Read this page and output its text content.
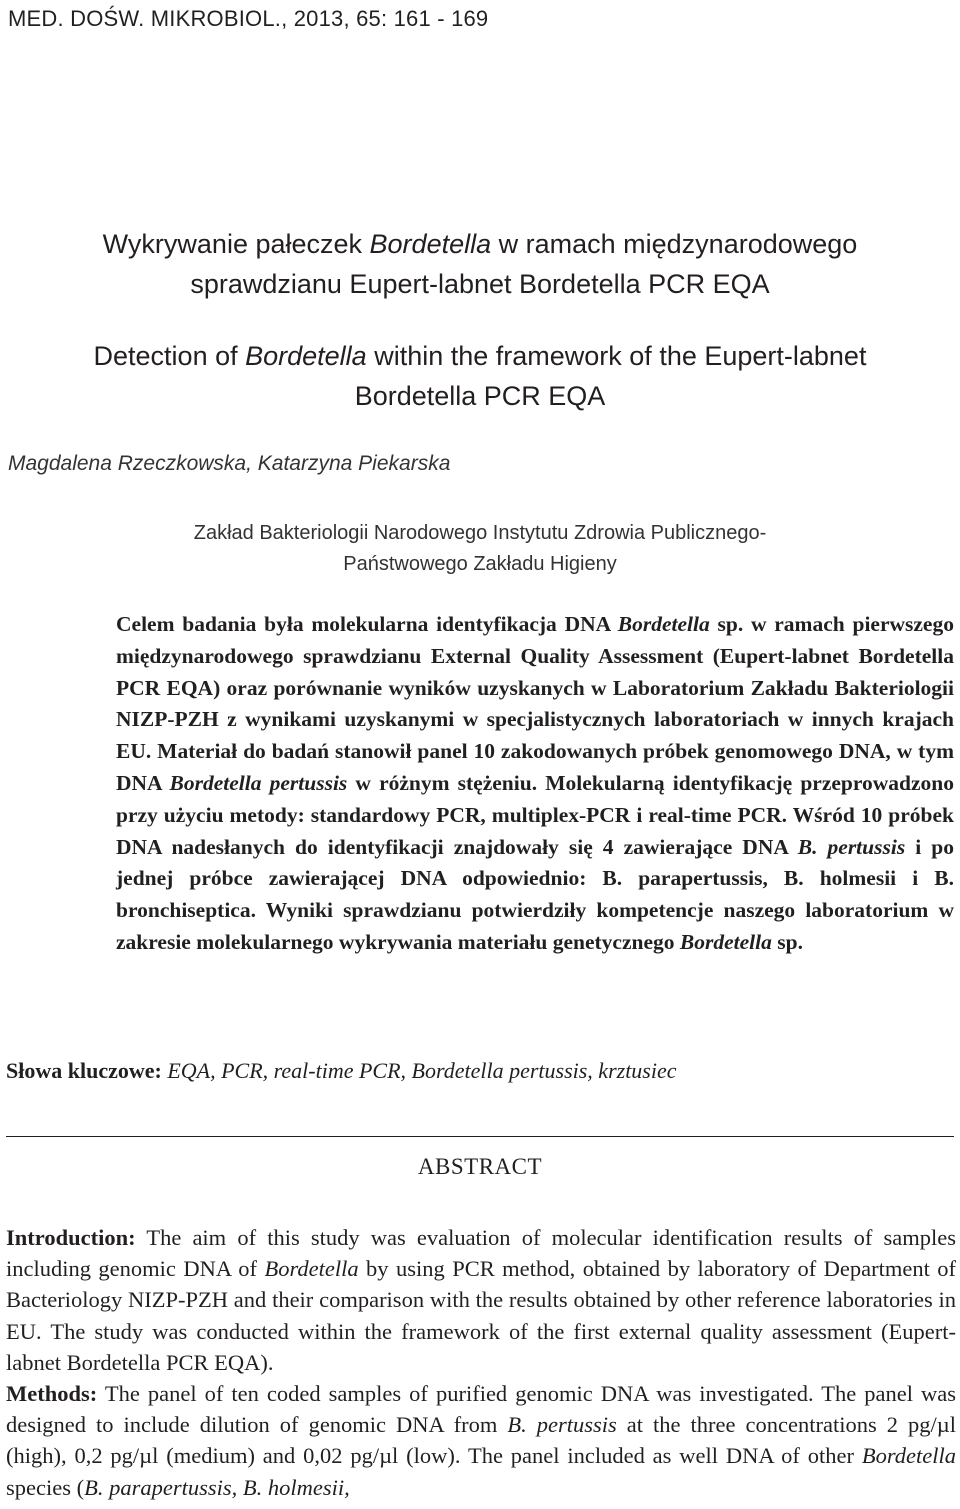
MED. DOŚW. MIKROBIOL., 2013, 65: 161 - 169
Wykrywanie pałeczek Bordetella w ramach międzynarodowego
sprawdzianu Eupert-labnet Bordetella PCR EQA
Detection of Bordetella within the framework of the Eupert-labnet
Bordetella PCR EQA
Magdalena Rzeczkowska, Katarzyna Piekarska
Zakład Bakteriologii Narodowego Instytutu Zdrowia Publicznego-
Państwowego Zakładu Higieny
Celem badania była molekularna identyfikacja DNA Bordetella sp. w ramach pierwszego międzynarodowego sprawdzianu External Quality Assessment (Eupert-labnet Bordetella PCR EQA) oraz porównanie wyników uzyskanych w Laboratorium Zakładu Bakteriologii NIZP-PZH z wynikami uzyskanymi w specjalistycznych laboratoriach w innych krajach EU. Materiał do badań stanowił panel 10 zakodowanych próbek genomowego DNA, w tym DNA Bordetella pertussis w różnym stężeniu. Molekularną identyfikację przeprowadzono przy użyciu metody: standardowy PCR, multiplex-PCR i real-time PCR. Wśród 10 próbek DNA nadesłanych do identyfikacji znajdowały się 4 zawierające DNA B. pertussis i po jednej próbce zawierającej DNA odpowiednio: B. parapertussis, B. holmesii i B. bronchiseptica. Wyniki sprawdzianu potwierdziły kompetencje naszego laboratorium w zakresie molekularnego wykrywania materiału genetycznego Bordetella sp.
Słowa kluczowe: EQA, PCR, real-time PCR, Bordetella pertussis, krztusiec
ABSTRACT

Introduction: The aim of this study was evaluation of molecular identification results of samples including genomic DNA of Bordetella by using PCR method, obtained by laboratory of Department of Bacteriology NIZP-PZH and their comparison with the results obtained by other reference laboratories in EU. The study was conducted within the framework of the first external quality assessment (Eupert-labnet Bordetella PCR EQA).

Methods: The panel of ten coded samples of purified genomic DNA was investigated. The panel was designed to include dilution of genomic DNA from B. pertussis at the three concentrations 2 pg/µl (high), 0,2 pg/µl (medium) and 0,02 pg/µl (low). The panel included as well DNA of other Bordetella species (B. parapertussis, B. holmesii,
